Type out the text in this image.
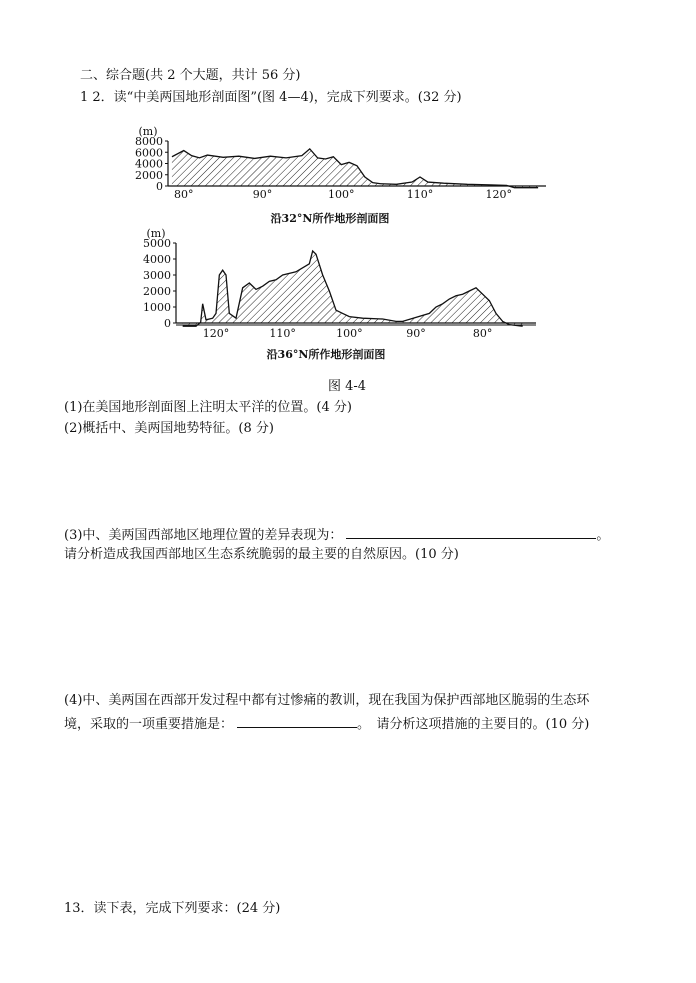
二、综合题(共 2 个大题，共计 56 分)
1 2．读“中美两国地形剖面图”(图 4—4)，完成下列要求。(32 分)
8000
6000
4000
2000
0
(m)
80°	90°	100°	110°	120°
沿32°N所作地形剖面图
5000
4000
3000
2000
1000
0
(m)
120°	110°	100°	90°	80°
沿36°N所作地形剖面图
图 4-4
(1)在美国地形剖面图上注明太平洋的位置。(4 分)
(2)概括中、美两国地势特征。(8 分)
(3)中、美两国西部地区地理位置的差异表现为：	。
请分析造成我国西部地区生态系统脆弱的最主要的自然原因。(10 分)
(4)中、美两国在西部开发过程中都有过惨痛的教训，现在我国为保护西部地区脆弱的生态环
境，采取的一项重要措施是：	。　请分析这项措施的主要目的。(10 分)
13．读下表，完成下列要求：(24 分)
